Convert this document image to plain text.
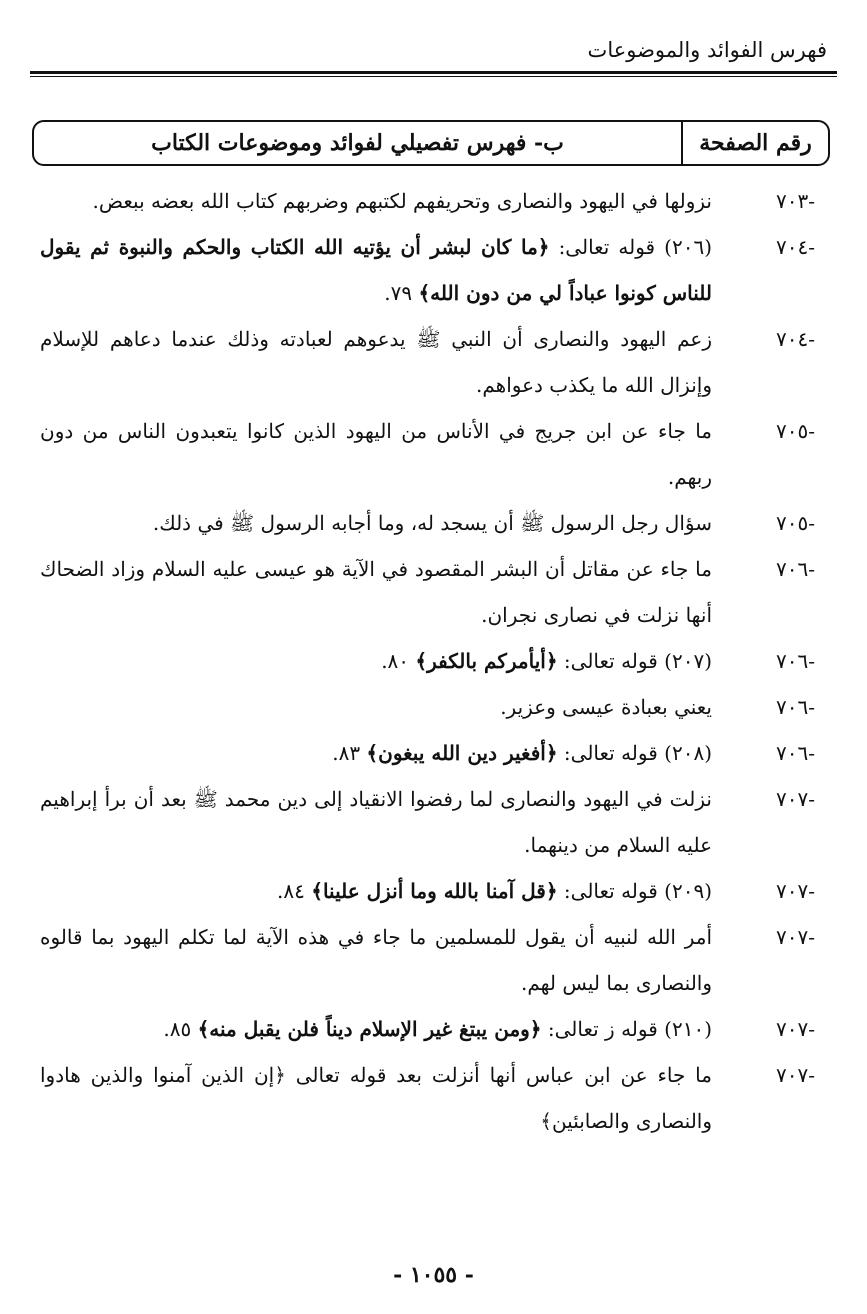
فهرس الفوائد والموضوعات
رقم الصفحة
ب- فهرس تفصيلي لفوائد وموضوعات الكتاب
-٧٠٣
نزولها في اليهود والنصارى وتحريفهم لكتبهم وضربهم كتاب الله بعضه ببعض.
-٧٠٤
(٢٠٦) قوله تعالى: ﴿ما كان لبشر أن يؤتيه الله الكتاب والحكم والنبوة ثم يقول للناس كونوا عباداً لي من دون الله﴾ ٧٩.
-٧٠٤
زعم اليهود والنصارى أن النبي ﷺ يدعوهم لعبادته وذلك عندما دعاهم للإسلام وإنزال الله ما يكذب دعواهم.
-٧٠٥
ما جاء عن ابن جريج في الأناس من اليهود الذين كانوا يتعبدون الناس من دون ربهم.
-٧٠٥
سؤال رجل الرسول ﷺ أن يسجد له، وما أجابه الرسول ﷺ في ذلك.
-٧٠٦
ما جاء عن مقاتل أن البشر المقصود في الآية هو عيسى عليه السلام وزاد الضحاك أنها نزلت في نصارى نجران.
-٧٠٦
(٢٠٧) قوله تعالى: ﴿أيأمركم بالكفر﴾ ٨٠.
-٧٠٦
يعني بعبادة عيسى وعزير.
-٧٠٦
(٢٠٨) قوله تعالى: ﴿أفغير دين الله يبغون﴾ ٨٣.
-٧٠٧
نزلت في اليهود والنصارى لما رفضوا الانقياد إلى دين محمد ﷺ بعد أن برأ إبراهيم عليه السلام من دينهما.
-٧٠٧
(٢٠٩) قوله تعالى: ﴿قل آمنا بالله وما أنزل علينا﴾ ٨٤.
-٧٠٧
أمر الله لنبيه أن يقول للمسلمين ما جاء في هذه الآية لما تكلم اليهود بما قالوه والنصارى بما ليس لهم.
-٧٠٧
(٢١٠) قوله ز تعالى: ﴿ومن يبتغ غير الإسلام ديناً فلن يقبل منه﴾ ٨٥.
-٧٠٧
ما جاء عن ابن عباس أنها أنزلت بعد قوله تعالى ﴿إن الذين آمنوا والذين هادوا والنصارى والصابئين﴾
- ١٠٥٥ -
